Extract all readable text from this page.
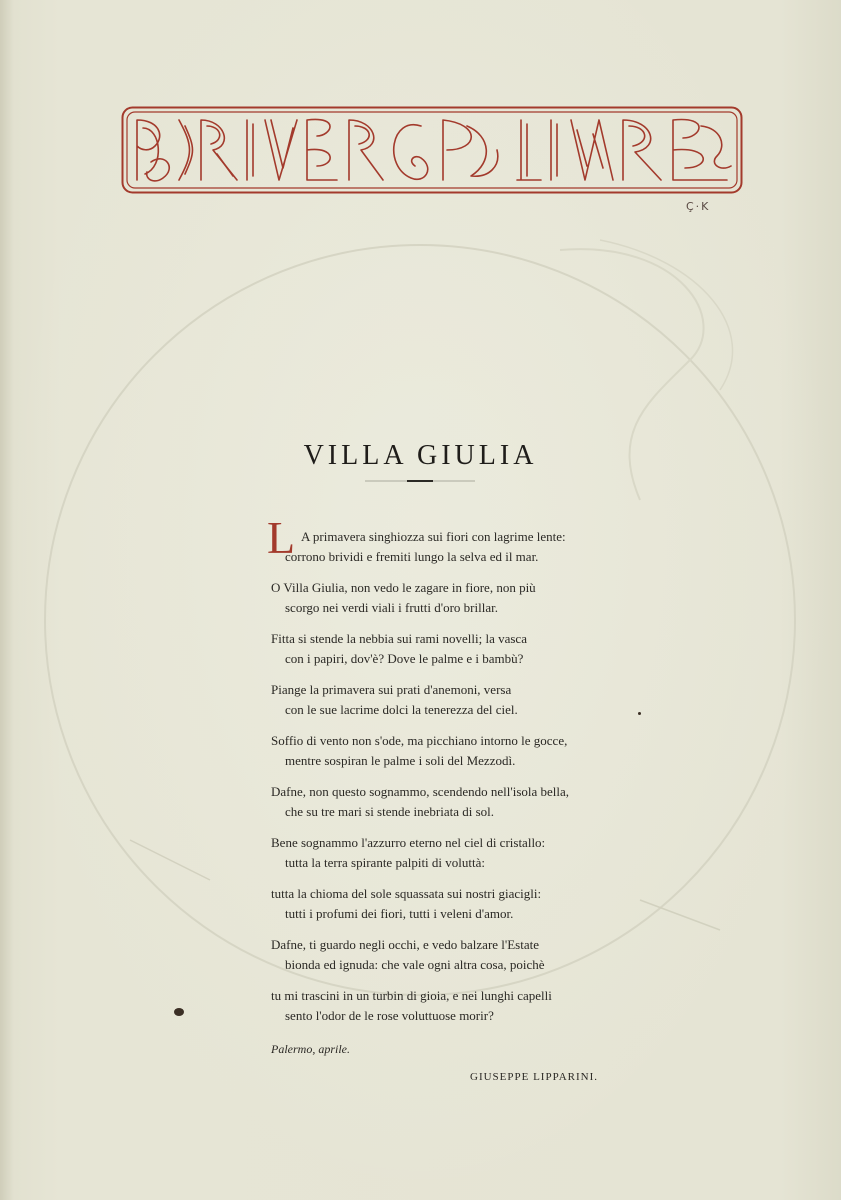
Ç·K
VILLA GIULIA
L A primavera singhiozza sui fiori con lagrime lente:
corrono brividi e fremiti lungo la selva ed il mar.
O Villa Giulia, non vedo le zagare in fiore, non più
scorgo nei verdi viali i frutti d'oro brillar.
Fitta si stende la nebbia sui rami novelli; la vasca
con i papiri, dov'è? Dove le palme e i bambù?
Piange la primavera sui prati d'anemoni, versa
con le sue lacrime dolci la tenerezza del ciel.
Soffio di vento non s'ode, ma picchiano intorno le gocce,
mentre sospiran le palme i soli del Mezzodì.
Dafne, non questo sognammo, scendendo nell'isola bella,
che su tre mari si stende inebriata di sol.
Bene sognammo l'azzurro eterno nel ciel di cristallo:
tutta la terra spirante palpiti di voluttà:
tutta la chioma del sole squassata sui nostri giacigli:
tutti i profumi dei fiori, tutti i veleni d'amor.
Dafne, ti guardo negli occhi, e vedo balzare l'Estate
bionda ed ignuda: che vale ogni altra cosa, poichè
tu mi trascini in un turbin di gioia, e nei lunghi capelli
sento l'odor de le rose voluttuose morir?
Palermo, aprile.
GIUSEPPE LIPPARINI.
